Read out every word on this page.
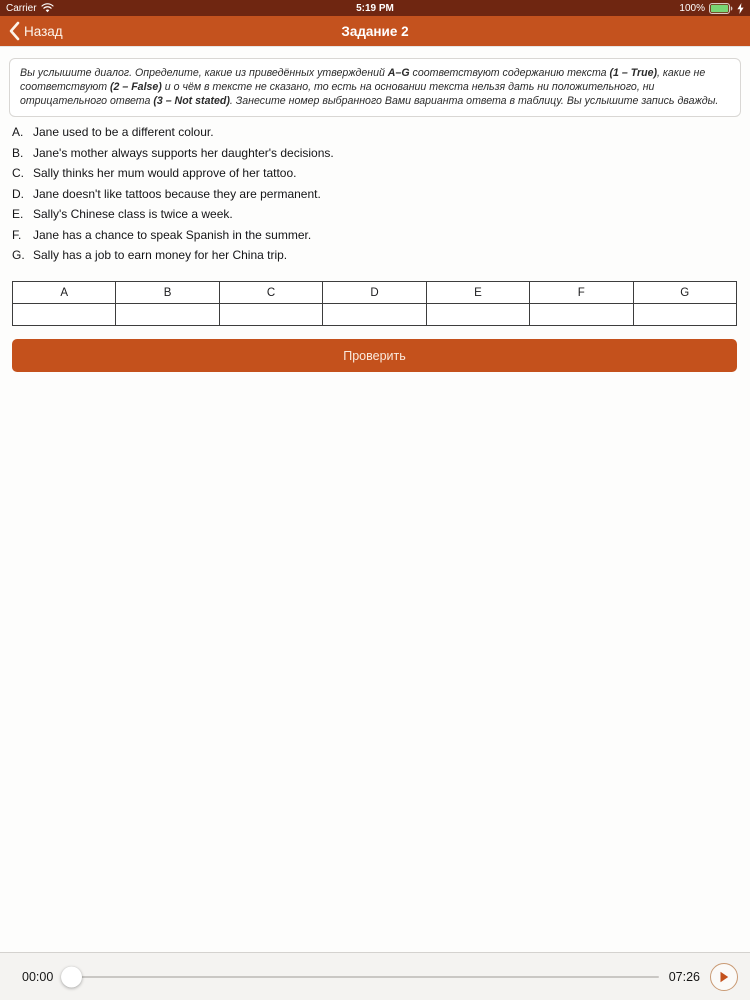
5:19 PM
Carrier	100%
Назад	Задание 2
Вы услышите диалог. Определите, какие из приведённых утверждений A–G соответствуют содержанию текста (1 – True), какие не соответствуют (2 – False) и о чём в тексте не сказано, то есть на основании текста нельзя дать ни положительного, ни отрицательного ответа (3 – Not stated). Занесите номер выбранного Вами варианта ответа в таблицу. Вы услышите запись дважды.
A. Jane used to be a different colour.
B. Jane's mother always supports her daughter's decisions.
C. Sally thinks her mum would approve of her tattoo.
D. Jane doesn't like tattoos because they are permanent.
E. Sally's Chinese class is twice a week.
F. Jane has a chance to speak Spanish in the summer.
G. Sally has a job to earn money for her China trip.
A	B	C	D	E	F	G

Проверить
00:00	07:26
